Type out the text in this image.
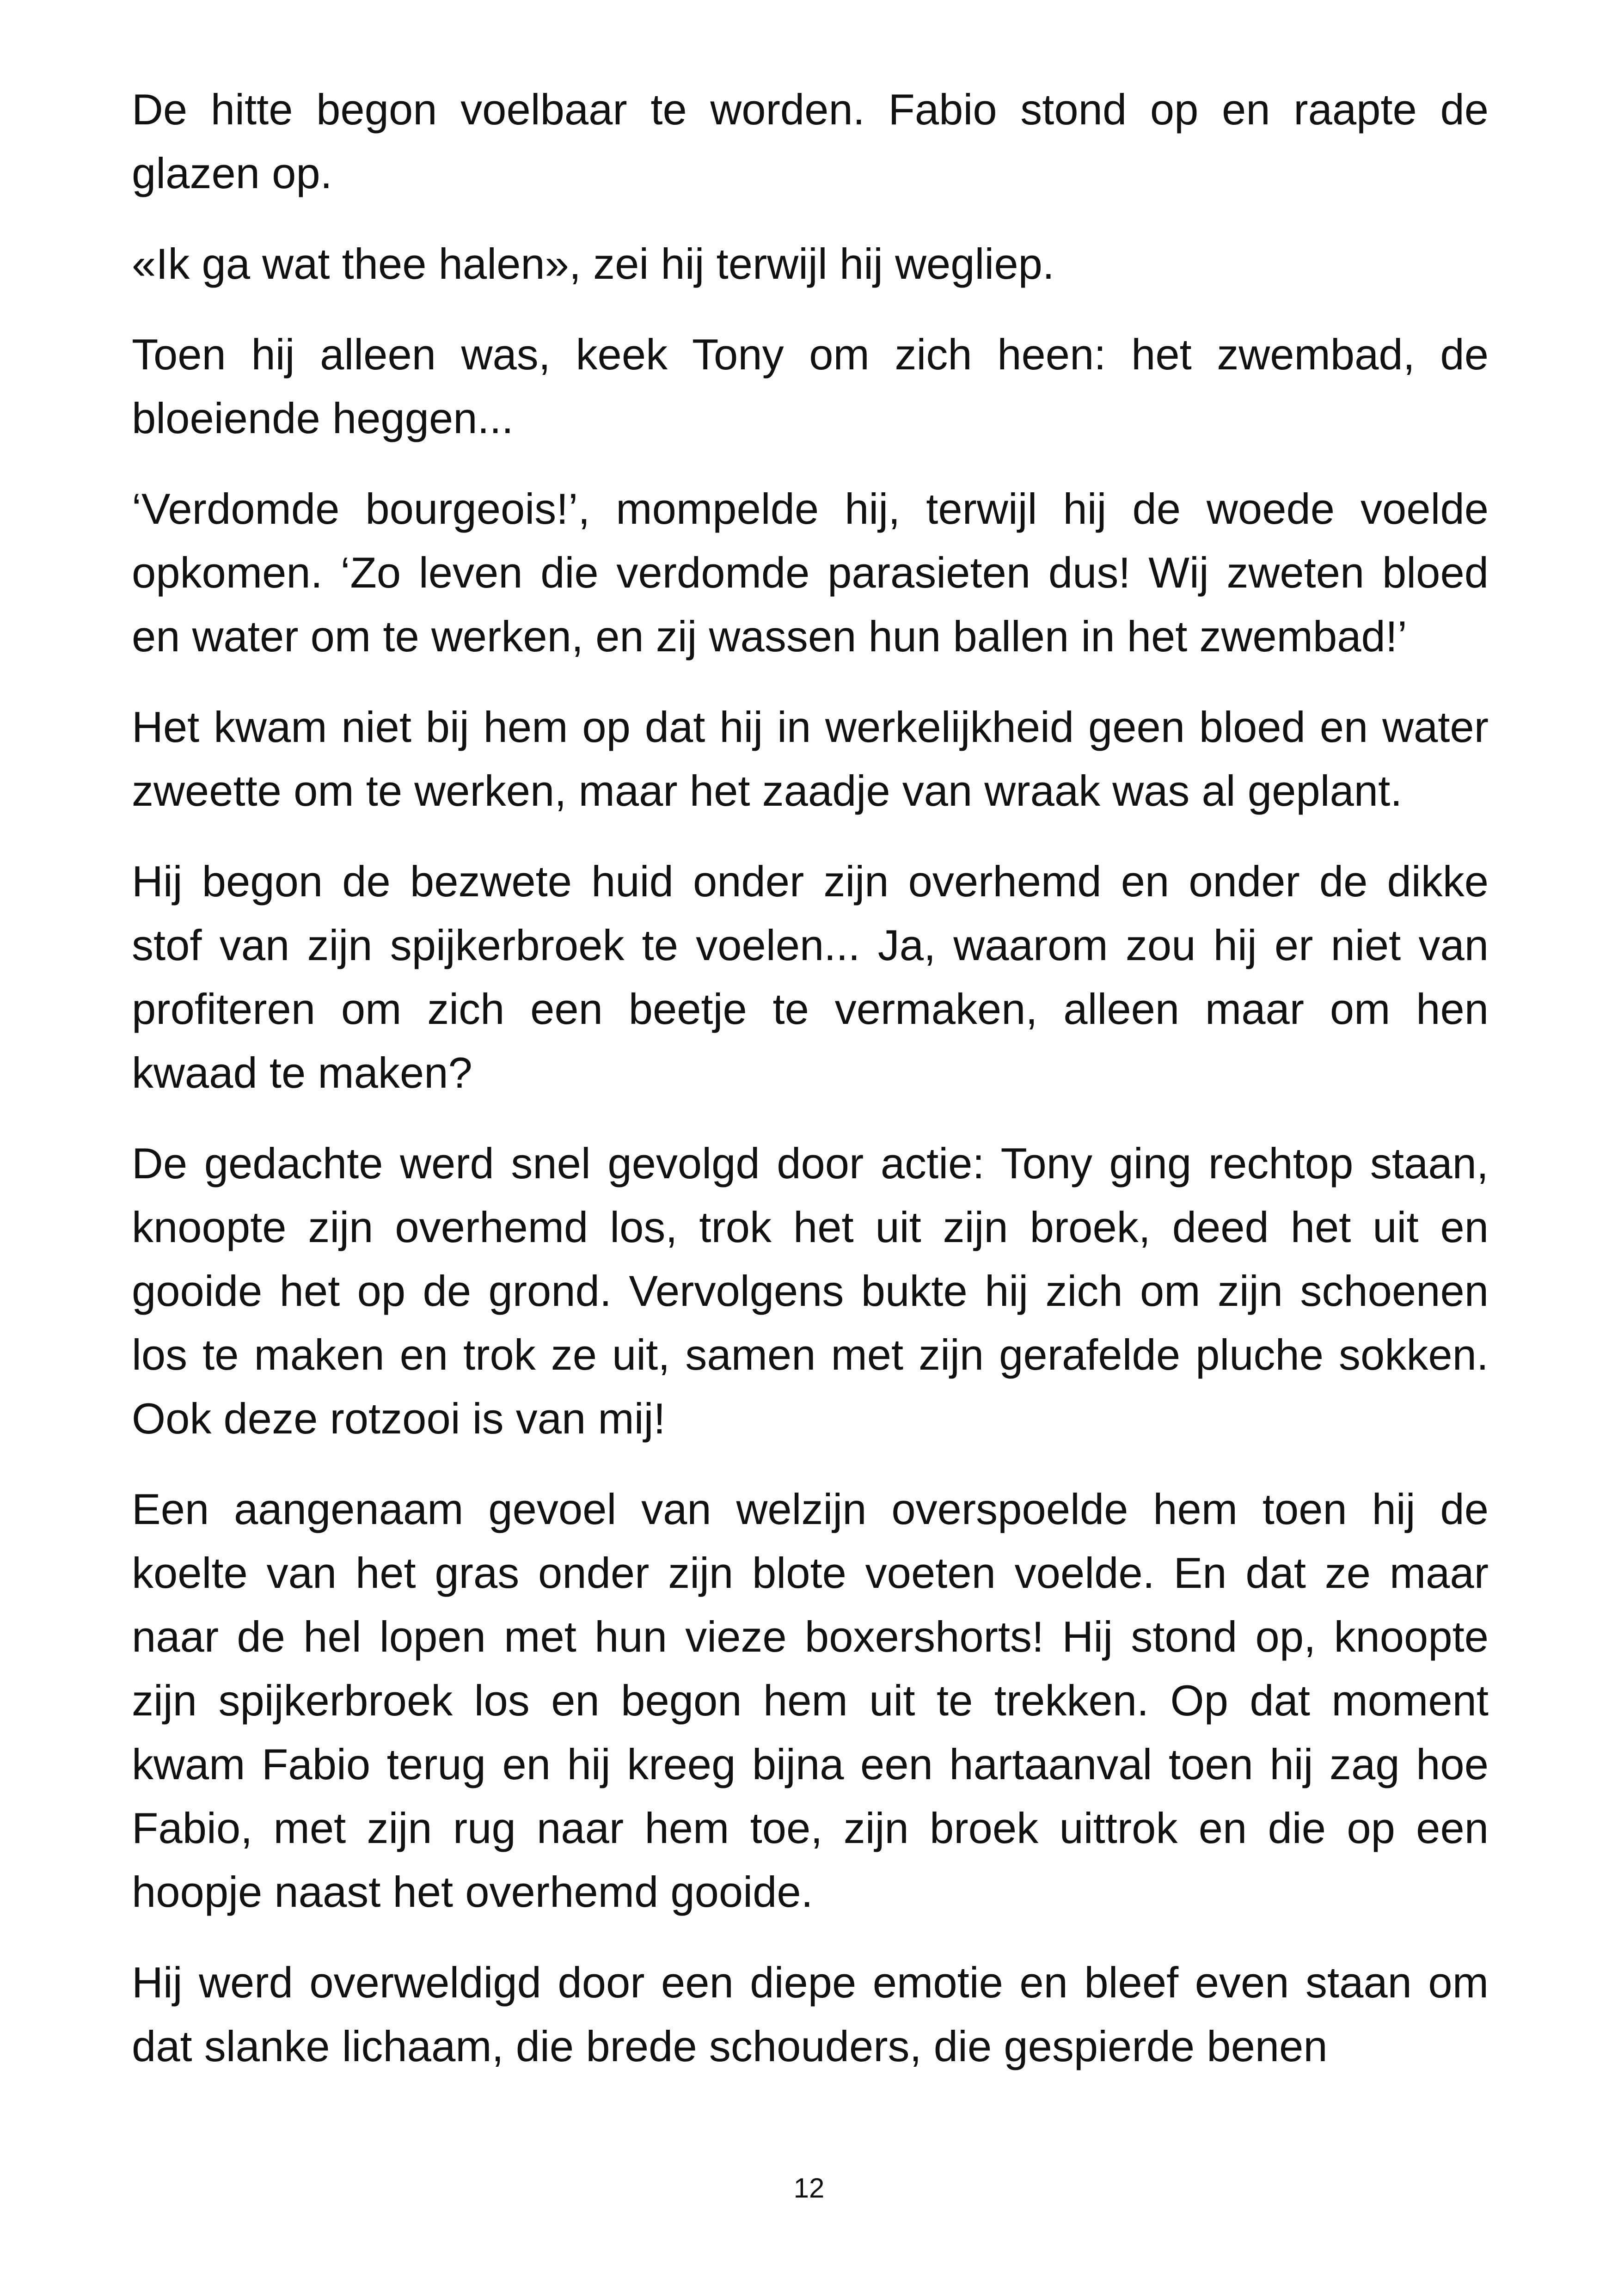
De hitte begon voelbaar te worden. Fabio stond op en raapte de glazen op.

«Ik ga wat thee halen», zei hij terwijl hij wegliep.

Toen hij alleen was, keek Tony om zich heen: het zwembad, de bloeiende heggen...

‘Verdomde bourgeois!’, mompelde hij, terwijl hij de woede voelde opkomen. ‘Zo leven die verdomde parasieten dus! Wij zweten bloed en water om te werken, en zij wassen hun ballen in het zwembad!’

Het kwam niet bij hem op dat hij in werkelijkheid geen bloed en water zweette om te werken, maar het zaadje van wraak was al geplant.

Hij begon de bezwete huid onder zijn overhemd en onder de dikke stof van zijn spijkerbroek te voelen... Ja, waarom zou hij er niet van profiteren om zich een beetje te vermaken, alleen maar om hen kwaad te maken?

De gedachte werd snel gevolgd door actie: Tony ging rechtop staan, knoopte zijn overhemd los, trok het uit zijn broek, deed het uit en gooide het op de grond. Vervolgens bukte hij zich om zijn schoenen los te maken en trok ze uit, samen met zijn gerafelde pluche sokken. Ook deze rotzooi is van mij!

Een aangenaam gevoel van welzijn overspoelde hem toen hij de koelte van het gras onder zijn blote voeten voelde. En dat ze maar naar de hel lopen met hun vieze boxershorts! Hij stond op, knoopte zijn spijkerbroek los en begon hem uit te trekken. Op dat moment kwam Fabio terug en hij kreeg bijna een hartaanval toen hij zag hoe Fabio, met zijn rug naar hem toe, zijn broek uittrok en die op een hoopje naast het overhemd gooide.

Hij werd overweldigd door een diepe emotie en bleef even staan om dat slanke lichaam, die brede schouders, die gespierde benen

12
